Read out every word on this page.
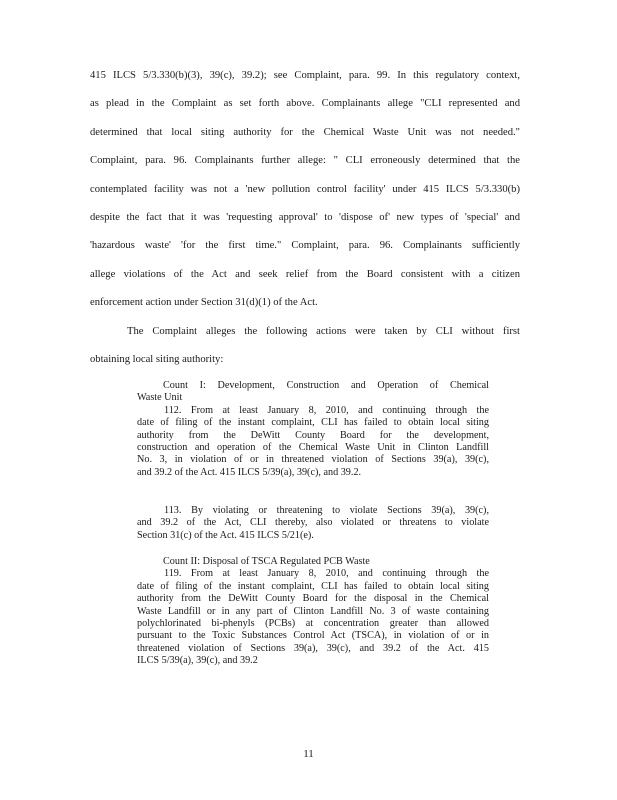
415 ILCS 5/3.330(b)(3), 39(c), 39.2); see Complaint, para. 99. In this regulatory context,
as plead in the Complaint as set forth above. Complainants allege "CLI represented and
determined that local siting authority for the Chemical Waste Unit was not needed."
Complaint, para. 96. Complainants further allege: " CLI erroneously determined that the
contemplated facility was not a 'new pollution control facility' under 415 ILCS 5/3.330(b)
despite the fact that it was 'requesting approval' to 'dispose of' new types of 'special' and
'hazardous waste' 'for the first time." Complaint, para. 96. Complainants sufficiently
allege violations of the Act and seek relief from the Board consistent with a citizen
enforcement action under Section 31(d)(1) of the Act.
The Complaint alleges the following actions were taken by CLI without first
obtaining local siting authority:
Count I: Development, Construction and Operation of Chemical
Waste Unit
112. From at least January 8, 2010, and continuing through the
date of filing of the instant complaint, CLI has failed to obtain local siting
authority from the DeWitt County Board for the development,
construction and operation of the Chemical Waste Unit in Clinton Landfill
No. 3, in violation of or in threatened violation of Sections 39(a), 39(c),
and 39.2 of the Act. 415 ILCS 5/39(a), 39(c), and 39.2.
113. By violating or threatening to violate Sections 39(a), 39(c),
and 39.2 of the Act, CLI thereby, also violated or threatens to violate
Section 31(c) of the Act. 415 ILCS 5/21(e).
Count II: Disposal of TSCA Regulated PCB Waste
119. From at least January 8, 2010, and continuing through the
date of filing of the instant complaint, CLI has failed to obtain local siting
authority from the DeWitt County Board for the disposal in the Chemical
Waste Landfill or in any part of Clinton Landfill No. 3 of waste containing
polychlorinated bi-phenyls (PCBs) at concentration greater than allowed
pursuant to the Toxic Substances Control Act (TSCA), in violation of or in
threatened violation of Sections 39(a), 39(c), and 39.2 of the Act. 415
ILCS 5/39(a), 39(c), and 39.2
11
